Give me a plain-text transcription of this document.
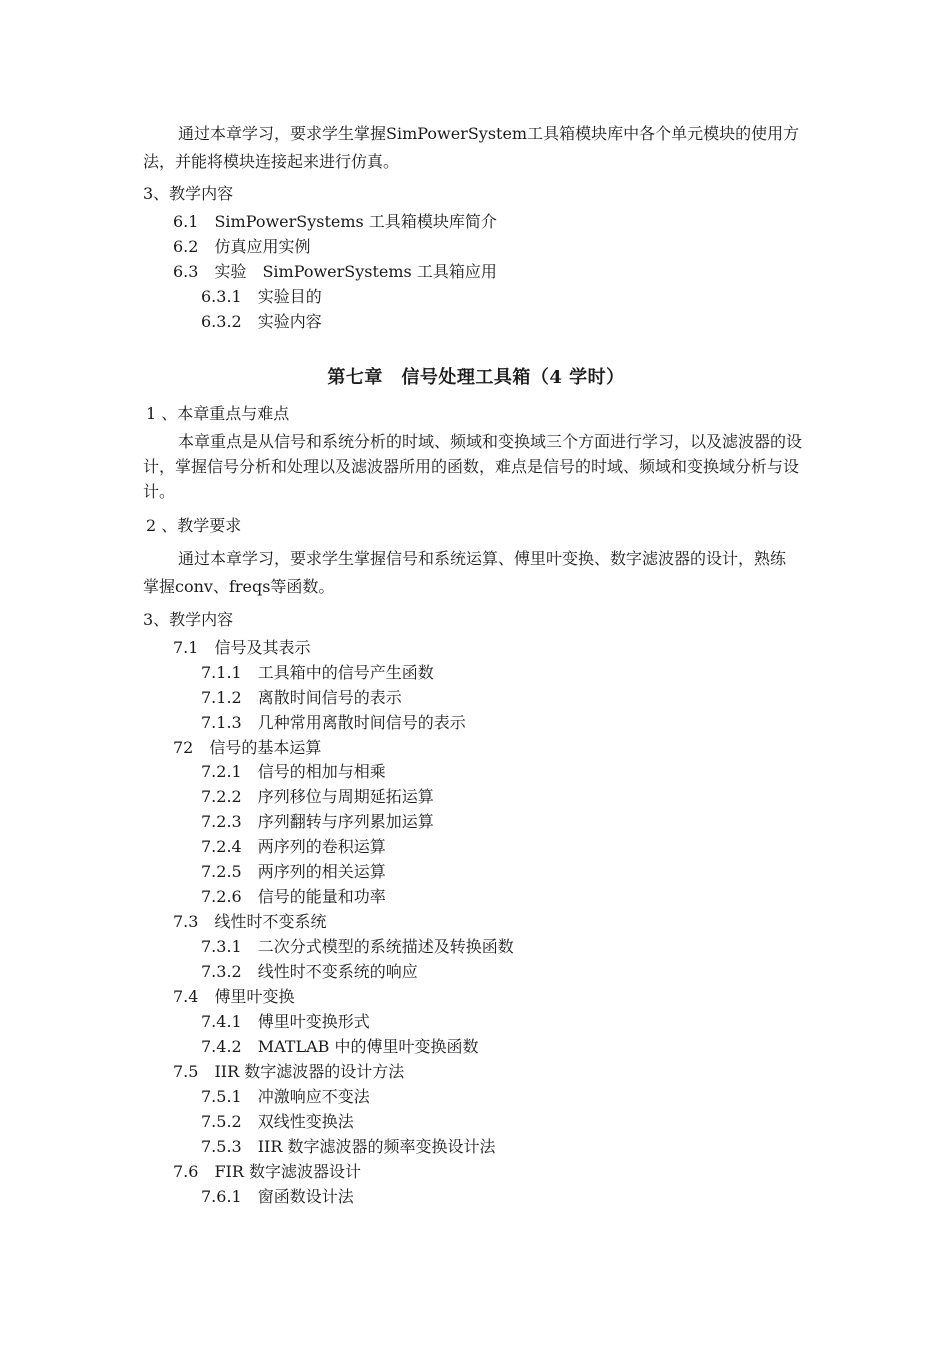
通过本章学习，要求学生掌握SimPowerSystem工具箱模块库中各个单元模块的使用方
法，并能将模块连接起来进行仿真。
3、教学内容
6.1　SimPowerSystems 工具箱模块库简介
6.2　仿真应用实例
6.3　实验　SimPowerSystems 工具箱应用
6.3.1　实验目的
6.3.2　实验内容
第七章　信号处理工具箱（4 学时）
1 、本章重点与难点
本章重点是从信号和系统分析的时域、频域和变换域三个方面进行学习，以及滤波器的设
计，掌握信号分析和处理以及滤波器所用的函数，难点是信号的时域、频域和变换域分析与设
计。
2 、教学要求
通过本章学习，要求学生掌握信号和系统运算、傅里叶变换、数字滤波器的设计，熟练
掌握conv、freqs等函数。
3、教学内容
7.1　信号及其表示
7.1.1　工具箱中的信号产生函数
7.1.2　离散时间信号的表示
7.1.3　几种常用离散时间信号的表示
72　信号的基本运算
7.2.1　信号的相加与相乘
7.2.2　序列移位与周期延拓运算
7.2.3　序列翻转与序列累加运算
7.2.4　两序列的卷积运算
7.2.5　两序列的相关运算
7.2.6　信号的能量和功率
7.3　线性时不变系统
7.3.1　二次分式模型的系统描述及转换函数
7.3.2　线性时不变系统的响应
7.4　傅里叶变换
7.4.1　傅里叶变换形式
7.4.2　MATLAB 中的傅里叶变换函数
7.5　IIR 数字滤波器的设计方法
7.5.1　冲激响应不变法
7.5.2　双线性变换法
7.5.3　IIR 数字滤波器的频率变换设计法
7.6　FIR 数字滤波器设计
7.6.1　窗函数设计法
